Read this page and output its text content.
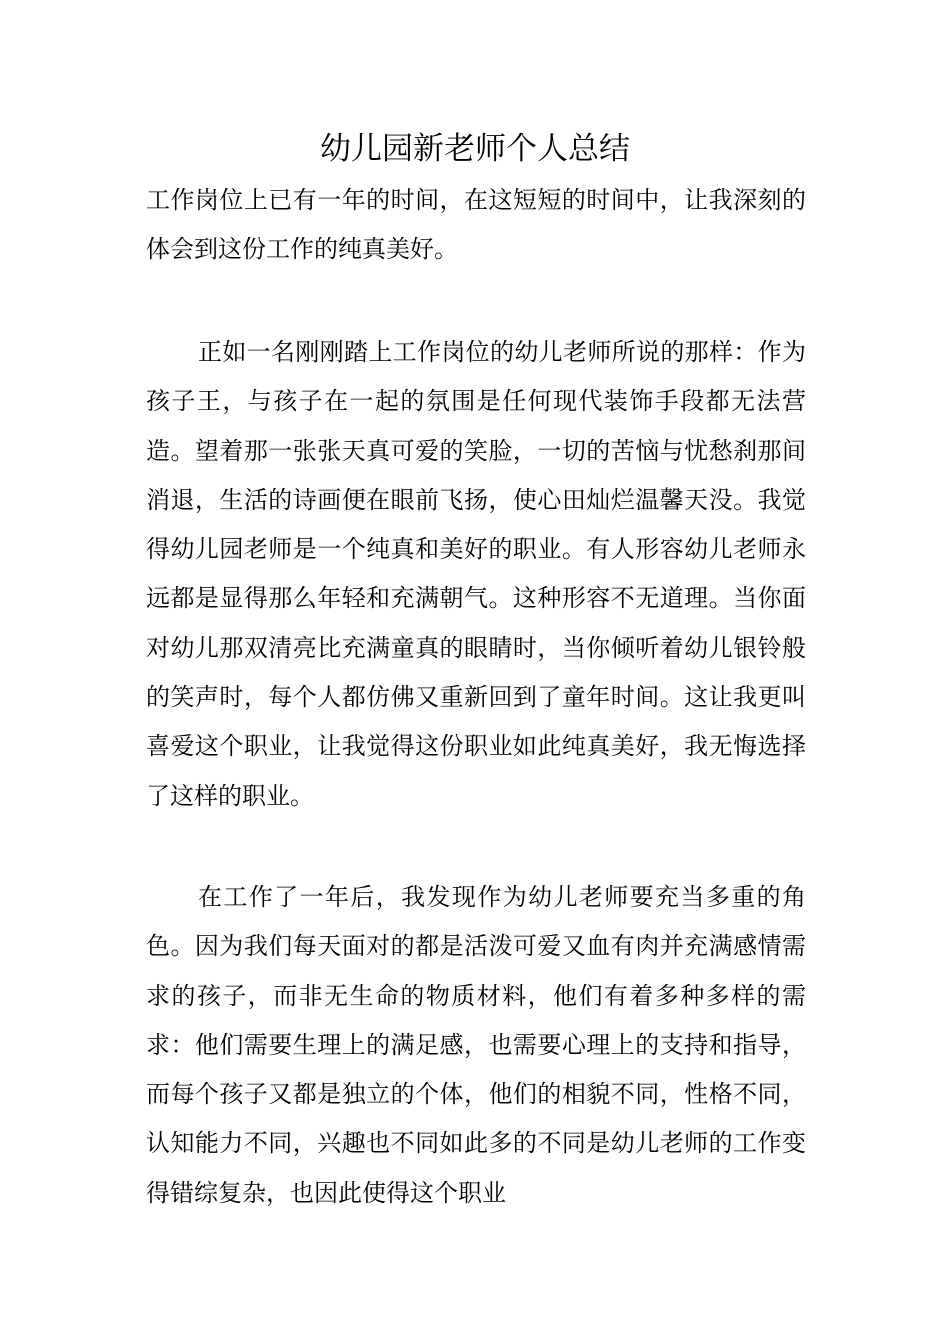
幼儿园新老师个人总结

工作岗位上已有一年的时间，在这短短的时间中，让我深刻的体会到这份工作的纯真美好。

正如一名刚刚踏上工作岗位的幼儿老师所说的那样：作为孩子王，与孩子在一起的氛围是任何现代装饰手段都无法营造。望着那一张张天真可爱的笑脸，一切的苦恼与忧愁刹那间消退，生活的诗画便在眼前飞扬，使心田灿烂温馨天没。我觉得幼儿园老师是一个纯真和美好的职业。有人形容幼儿老师永远都是显得那么年轻和充满朝气。这种形容不无道理。当你面对幼儿那双清亮比充满童真的眼睛时，当你倾听着幼儿银铃般的笑声时，每个人都仿佛又重新回到了童年时间。这让我更叫喜爱这个职业，让我觉得这份职业如此纯真美好，我无悔选择了这样的职业。

在工作了一年后，我发现作为幼儿老师要充当多重的角色。因为我们每天面对的都是活泼可爱又血有肉并充满感情需求的孩子，而非无生命的物质材料，他们有着多种多样的需求：他们需要生理上的满足感，也需要心理上的支持和指导，而每个孩子又都是独立的个体，他们的相貌不同，性格不同，认知能力不同，兴趣也不同如此多的不同是幼儿老师的工作变得错综复杂，也因此使得这个职业
